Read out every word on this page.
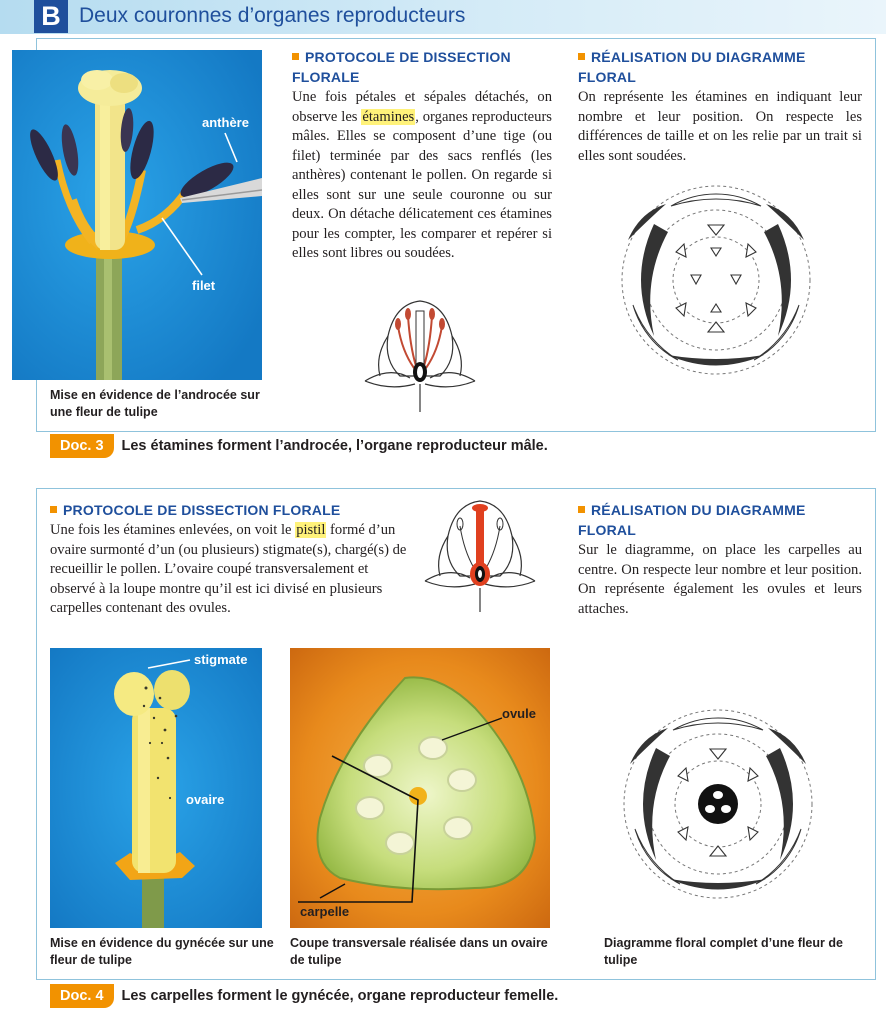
B Deux couronnes d’organes reproducteurs
anthère
filet
Mise en évidence de l’androcée sur une fleur de tulipe
PROTOCOLE DE DISSECTION FLORALE
Une fois pétales et sépales détachés, on observe les étamines, organes reproducteurs mâles. Elles se composent d’une tige (ou filet) terminée par des sacs renflés (les anthères) contenant le pollen. On regarde si elles sont sur une seule couronne ou sur deux. On détache délicatement ces étamines pour les compter, les comparer et repérer si elles sont libres ou soudées.
RÉALISATION DU DIAGRAMME FLORAL
On représente les étamines en indiquant leur nombre et leur position. On respecte les différences de taille et on les relie par un trait si elles sont soudées.
Doc. 3 Les étamines forment l’androcée, l’organe reproducteur mâle.
PROTOCOLE DE DISSECTION FLORALE
Une fois les étamines enlevées, on voit le pistil formé d’un ovaire surmonté d’un (ou plusieurs) stigmate(s), chargé(s) de recueillir le pollen. L’ovaire coupé transversalement et observé à la loupe montre qu’il est ici divisé en plusieurs carpelles contenant des ovules.
RÉALISATION DU DIAGRAMME FLORAL
Sur le diagramme, on place les carpelles au centre. On respecte leur nombre et leur position. On représente également les ovules et leurs attaches.
stigmate
ovaire
ovule
carpelle
Mise en évidence du gynécée sur une fleur de tulipe
Coupe transversale réalisée dans un ovaire de tulipe
Diagramme floral complet d’une fleur de tulipe
Doc. 4 Les carpelles forment le gynécée, organe reproducteur femelle.
